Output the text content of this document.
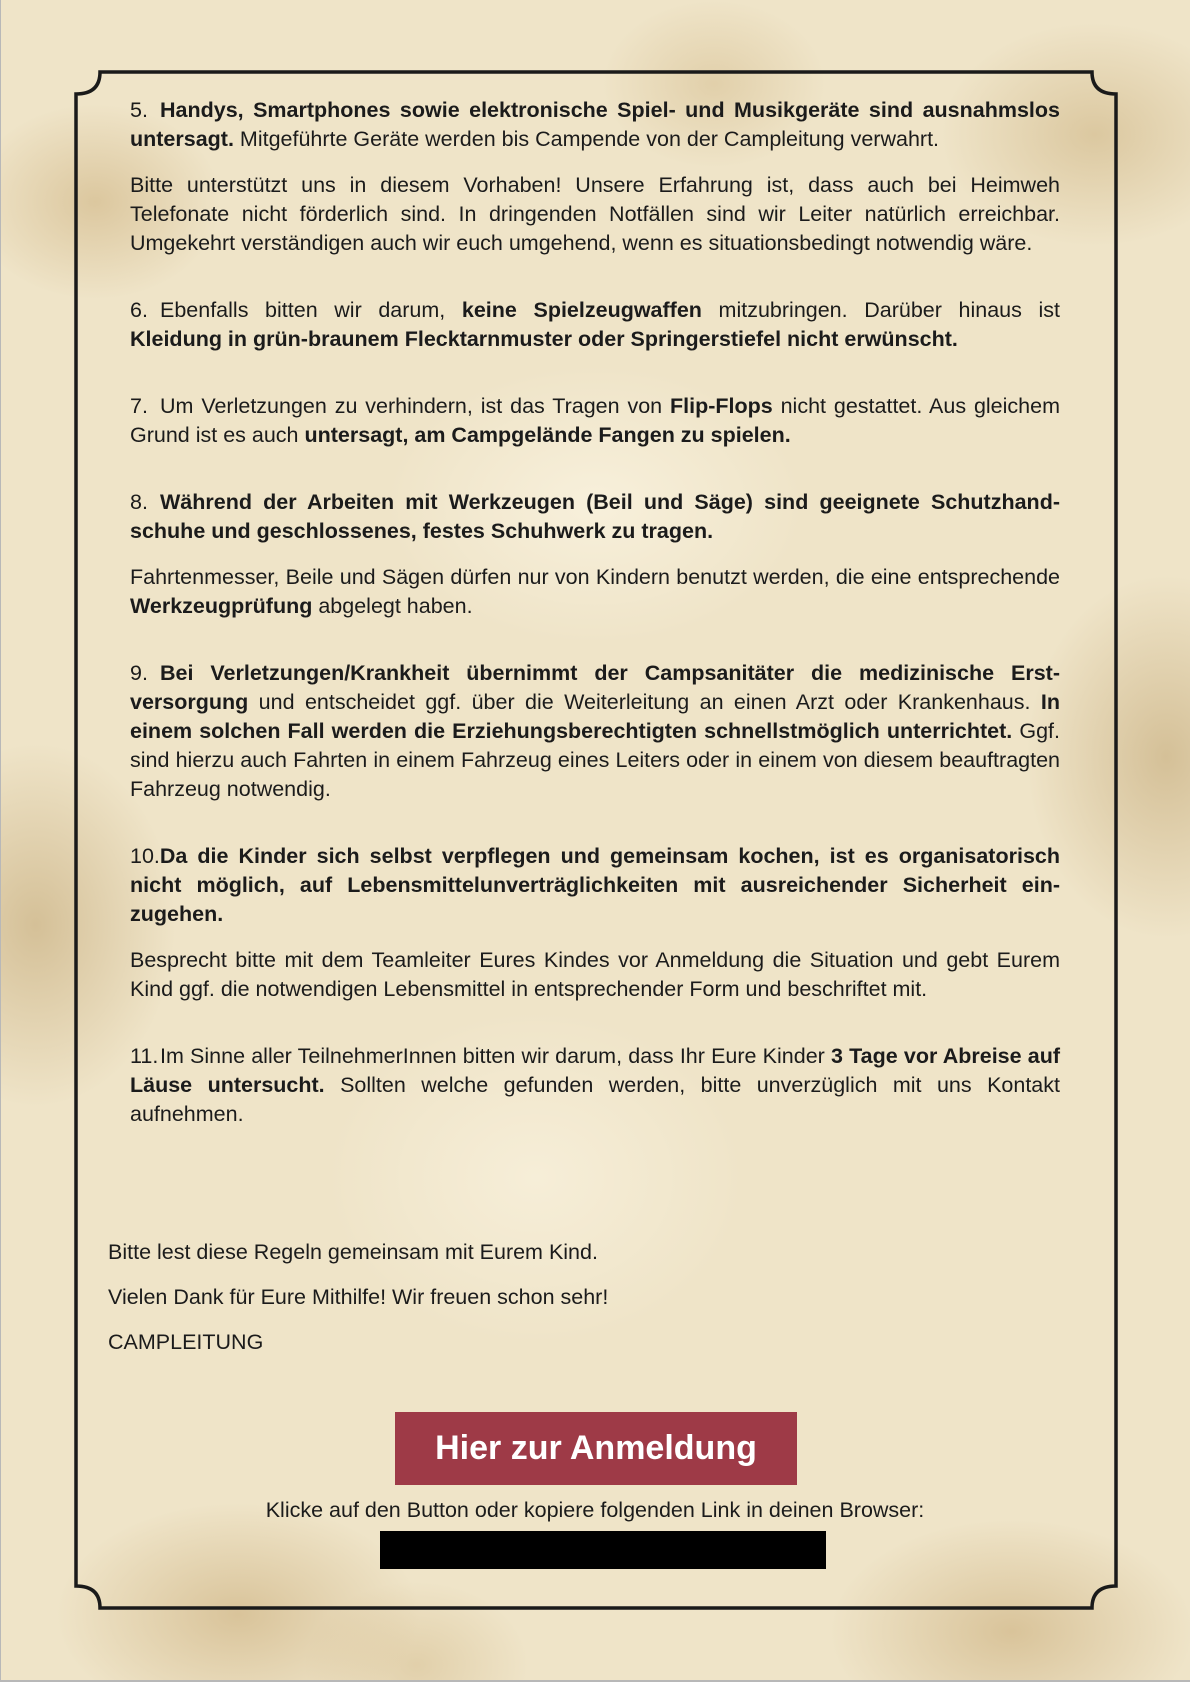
5. Handys, Smartphones sowie elektronische Spiel- und Musikgeräte sind ausnahmslos untersagt. Mitgeführte Geräte werden bis Campende von der Campleitung verwahrt.

Bitte unterstützt uns in diesem Vorhaben! Unsere Erfahrung ist, dass auch bei Heimweh Telefonate nicht förderlich sind. In dringenden Notfällen sind wir Leiter natürlich erreichbar. Umgekehrt verständigen auch wir euch umgehend, wenn es situationsbedingt notwendig wäre.

6. Ebenfalls bitten wir darum, keine Spielzeugwaffen mitzubringen. Darüber hinaus ist Kleidung in grün-braunem Flecktarnmuster oder Springerstiefel nicht erwünscht.

7. Um Verletzungen zu verhindern, ist das Tragen von Flip-Flops nicht gestattet. Aus gleichem Grund ist es auch untersagt, am Campgelände Fangen zu spielen.

8. Während der Arbeiten mit Werkzeugen (Beil und Säge) sind geeignete Schutzhandschuhe und geschlossenes, festes Schuhwerk zu tragen.

Fahrtenmesser, Beile und Sägen dürfen nur von Kindern benutzt werden, die eine entsprechende Werkzeugprüfung abgelegt haben.

9. Bei Verletzungen/Krankheit übernimmt der Campsanitäter die medizinische Erstversorgung und entscheidet ggf. über die Weiterleitung an einen Arzt oder Krankenhaus. In einem solchen Fall werden die Erziehungsberechtigten schnellstmöglich unterrichtet. Ggf. sind hierzu auch Fahrten in einem Fahrzeug eines Leiters oder in einem von diesem beauftragten Fahrzeug notwendig.

10.Da die Kinder sich selbst verpflegen und gemeinsam kochen, ist es organisatorisch nicht möglich, auf Lebensmittelunverträglichkeiten mit ausreichender Sicherheit einzugehen.

Besprecht bitte mit dem Teamleiter Eures Kindes vor Anmeldung die Situation und gebt Eurem Kind ggf. die notwendigen Lebensmittel in entsprechender Form und beschriftet mit.

11.Im Sinne aller TeilnehmerInnen bitten wir darum, dass Ihr Eure Kinder 3 Tage vor Abreise auf Läuse untersucht. Sollten welche gefunden werden, bitte unverzüglich mit uns Kontakt aufnehmen.

Bitte lest diese Regeln gemeinsam mit Eurem Kind.

Vielen Dank für Eure Mithilfe! Wir freuen schon sehr!

CAMPLEITUNG

Hier zur Anmeldung
Klicke auf den Button oder kopiere folgenden Link in deinen Browser:
